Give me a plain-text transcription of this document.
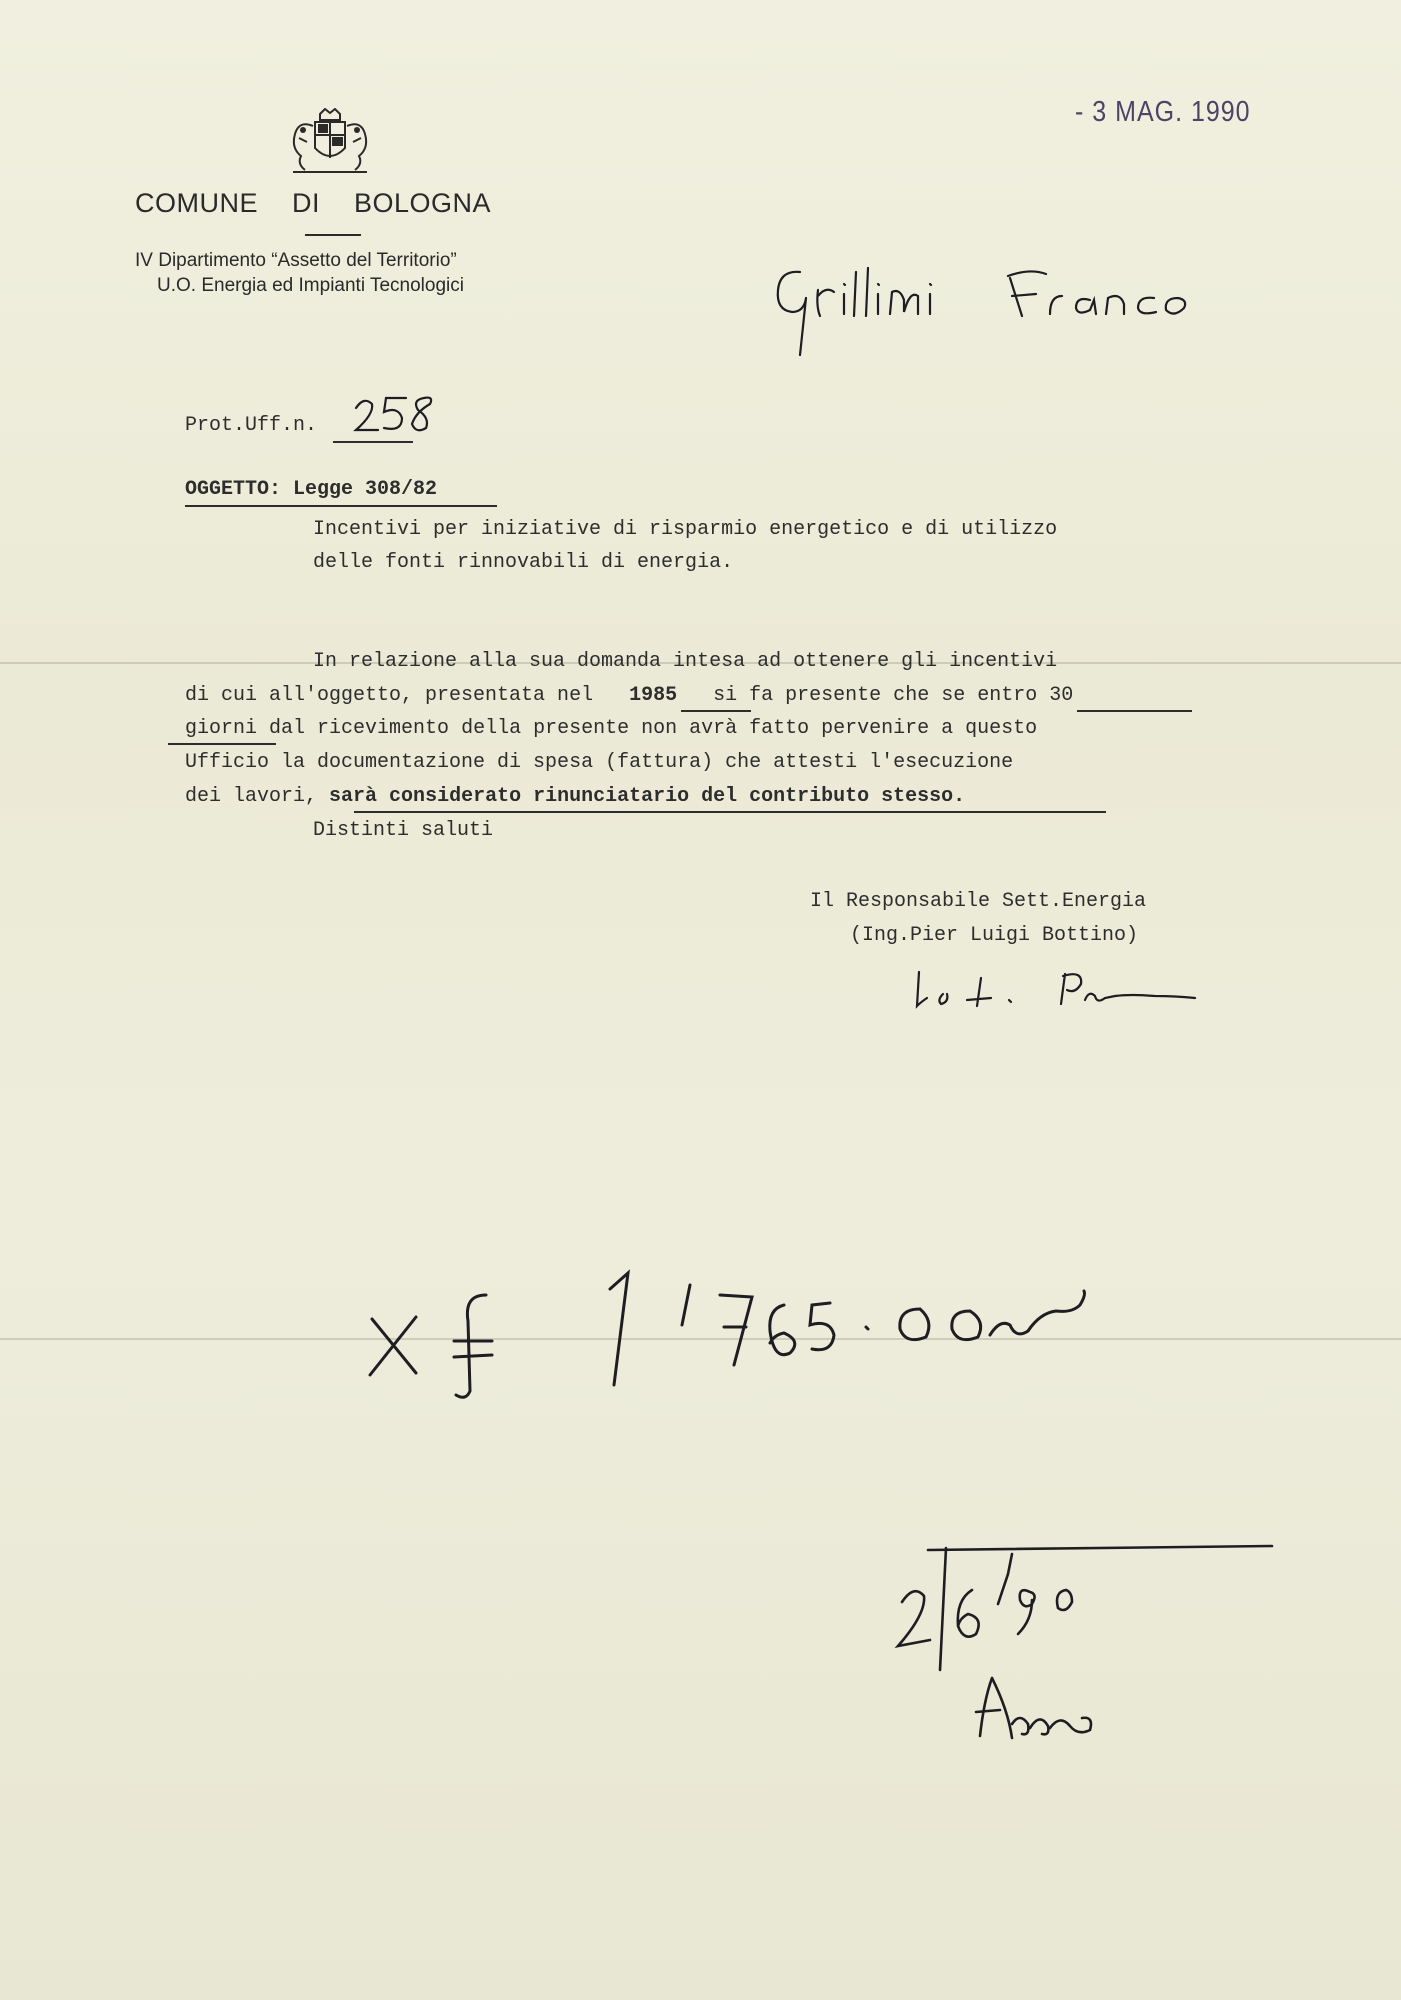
COMUNE DI BOLOGNA
IV Dipartimento “Assetto del Territorio”
U.O. Energia ed Impianti Tecnologici
- 3 MAG. 1990
Prot.Uff.n.
OGGETTO: Legge 308/82
Incentivi per iniziative di risparmio energetico e di utilizzo
delle fonti rinnovabili di energia.
In relazione alla sua domanda intesa ad ottenere gli incentivi
di cui all'oggetto, presentata nel 1985 si fa presente che se entro 30
giorni dal ricevimento della presente non avrà fatto pervenire a questo
Ufficio la documentazione di spesa (fattura) che attesti l'esecuzione
dei lavori, sarà considerato rinunciatario del contributo stesso.
Distinti saluti
Il Responsabile Sett.Energia
(Ing.Pier Luigi Bottino)
